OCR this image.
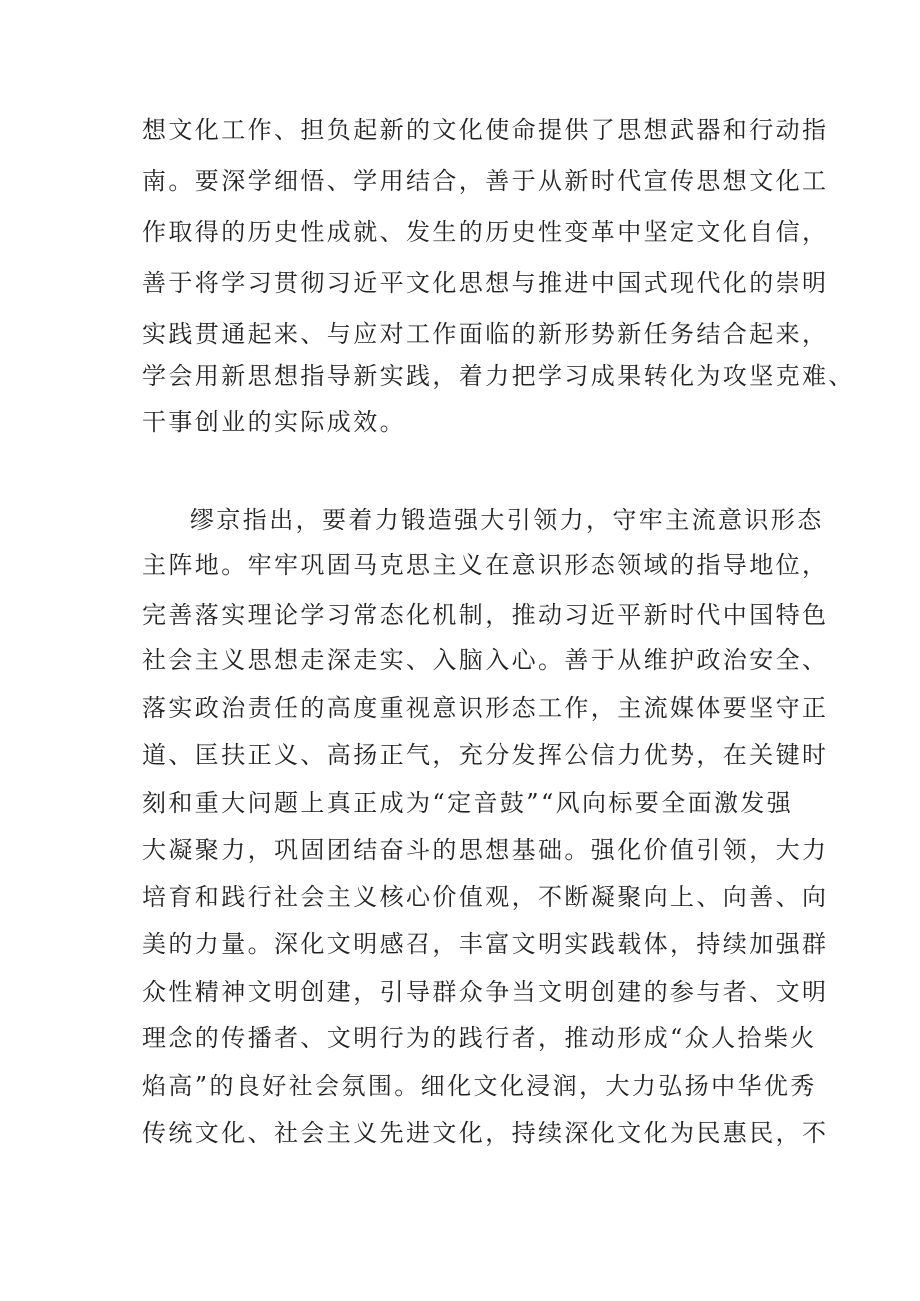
想文化工作、担负起新的文化使命提供了思想武器和行动指
南。要深学细悟、学用结合，善于从新时代宣传思想文化工
作取得的历史性成就、发生的历史性变革中坚定文化自信，
善于将学习贯彻习近平文化思想与推进中国式现代化的崇明
实践贯通起来、与应对工作面临的新形势新任务结合起来，
学会用新思想指导新实践，着力把学习成果转化为攻坚克难、
干事创业的实际成效。
缪京指出，要着力锻造强大引领力，守牢主流意识形态
主阵地。牢牢巩固马克思主义在意识形态领域的指导地位，
完善落实理论学习常态化机制，推动习近平新时代中国特色
社会主义思想走深走实、入脑入心。善于从维护政治安全、
落实政治责任的高度重视意识形态工作，主流媒体要坚守正
道、匡扶正义、高扬正气，充分发挥公信力优势，在关键时
刻和重大问题上真正成为“定音鼓”“风向标要全面激发强
大凝聚力，巩固团结奋斗的思想基础。强化价值引领，大力
培育和践行社会主义核心价值观，不断凝聚向上、向善、向
美的力量。深化文明感召，丰富文明实践载体，持续加强群
众性精神文明创建，引导群众争当文明创建的参与者、文明
理念的传播者、文明行为的践行者，推动形成“众人拾柴火
焰高”的良好社会氛围。细化文化浸润，大力弘扬中华优秀
传统文化、社会主义先进文化，持续深化文化为民惠民，不
